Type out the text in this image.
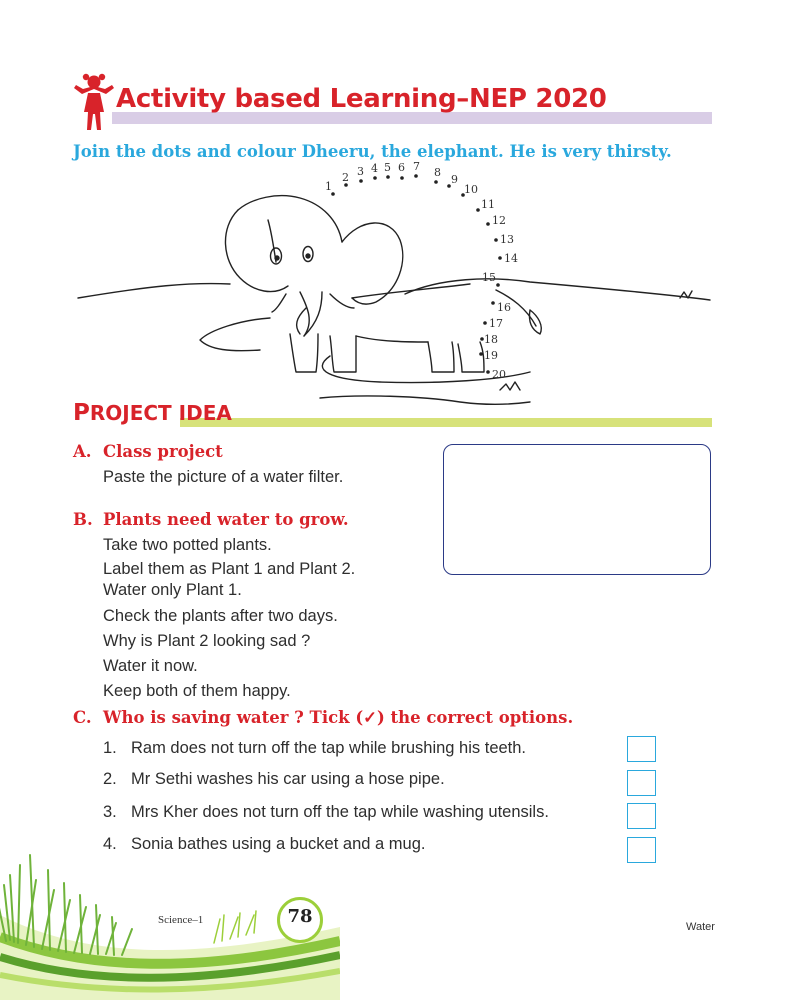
Activity based Learning–NEP 2020
Join the dots and colour Dheeru, the elephant. He is very thirsty.
1
2 3 4 5 6 7 8
9
10
11
12
13
14
15
16
17
18
19
20
PROJECT IDEA
A. Class project
Paste the picture of a water filter.
B. Plants need water to grow.
Take two potted plants.
Label them as Plant 1 and Plant 2.
Water only Plant 1.
Check the plants after two days.
Why is Plant 2 looking sad ?
Water it now.
Keep both of them happy.
C. Who is saving water ? Tick (✓) the correct options.
1. Ram does not turn off the tap while brushing his teeth.
2. Mr Sethi washes his car using a hose pipe.
3. Mrs Kher does not turn off the tap while washing utensils.
4. Sonia bathes using a bucket and a mug.
78
Science–1
Water
